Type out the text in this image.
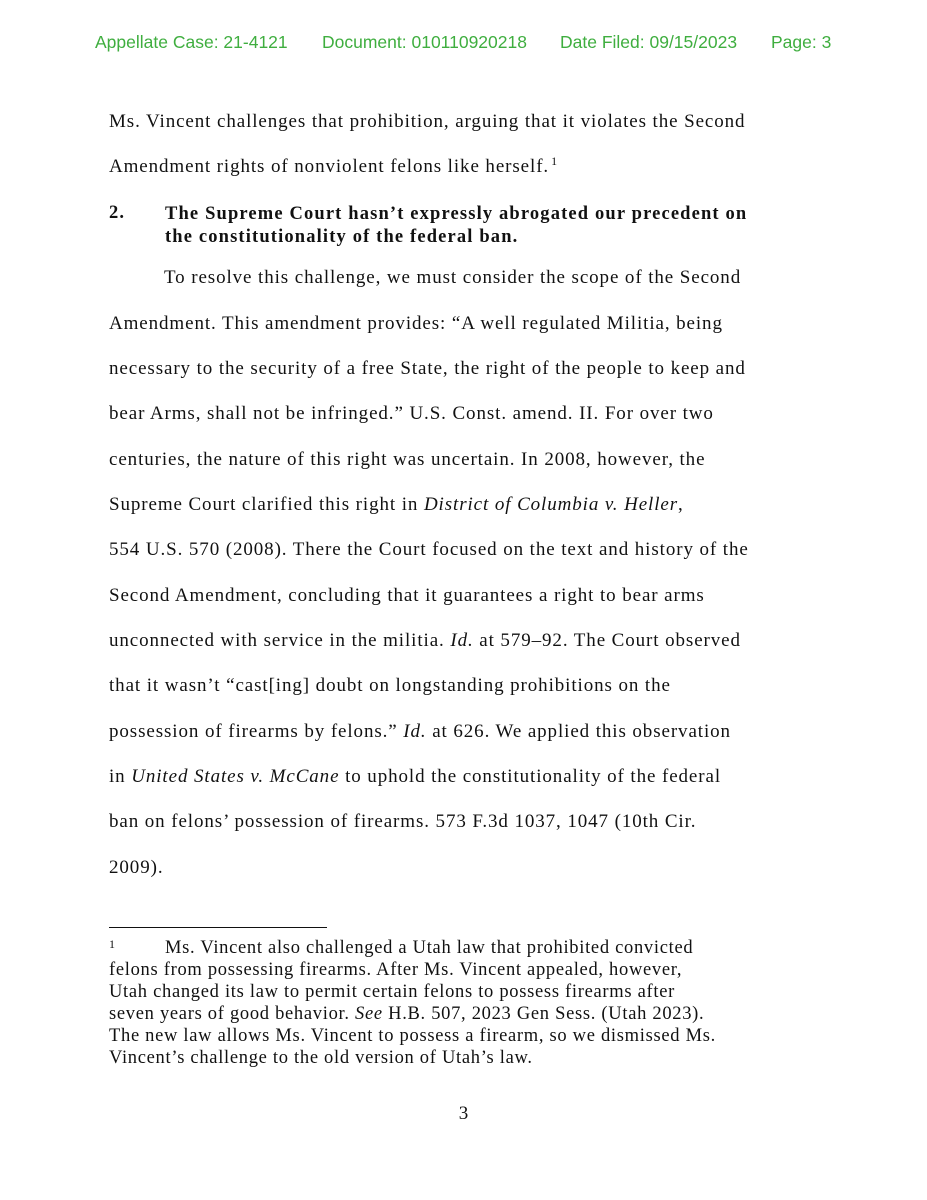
Appellate Case: 21-4121 Document: 010110920218 Date Filed: 09/15/2023 Page: 3
Ms. Vincent challenges that prohibition, arguing that it violates the Second
Amendment rights of nonviolent felons like herself. $^1$
2. The Supreme Court hasn’t expressly abrogated our precedent on
the constitutionality of the federal ban.
To resolve this challenge, we must consider the scope of the Second
Amendment. This amendment provides: “A well regulated Militia, being
necessary to the security of a free State, the right of the people to keep and
bear Arms, shall not be infringed.” U.S. Const. amend. II. For over two
centuries, the nature of this right was uncertain. In 2008, however, the
Supreme Court clarified this right in District of Columbia v. Heller,
554 U.S. 570 (2008). There the Court focused on the text and history of the
Second Amendment, concluding that it guarantees a right to bear arms
unconnected with service in the militia. Id. at 579–92. The Court observed
that it wasn’t “cast[ing] doubt on longstanding prohibitions on the
possession of firearms by felons.” Id. at 626. We applied this observation
in United States v. McCane to uphold the constitutionality of the federal
ban on felons’ possession of firearms. 573 F.3d 1037, 1047 (10th Cir.
2009).
1	Ms. Vincent also challenged a Utah law that prohibited convicted
felons from possessing firearms. After Ms. Vincent appealed, however,
Utah changed its law to permit certain felons to possess firearms after
seven years of good behavior. See H.B. 507, 2023 Gen Sess. (Utah 2023).
The new law allows Ms. Vincent to possess a firearm, so we dismissed Ms.
Vincent’s challenge to the old version of Utah’s law.
3
